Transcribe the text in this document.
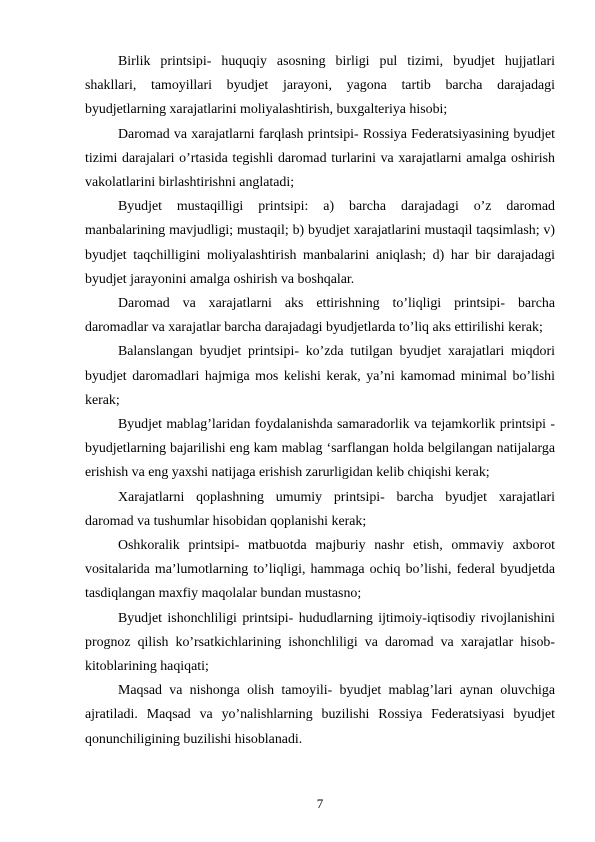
Birlik printsipi- huquqiy asosning birligi pul tizimi, byudjet hujjatlari shakllari, tamoyillari byudjet jarayoni, yagona tartib barcha darajadagi byudjetlarning xarajatlarini moliyalashtirish, buxgalteriya hisobi;

Daromad va xarajatlarni farqlash printsipi- Rossiya Federatsiyasining byudjet tizimi darajalari o’rtasida tegishli daromad turlarini va xarajatlarni amalga oshirish vakolatlarini birlashtirishni anglatadi;

Byudjet mustaqilligi printsipi: a) barcha darajadagi o’z daromad manbalarining mavjudligi; mustaqil; b) byudjet xarajatlarini mustaqil taqsimlash; v) byudjet taqchilligini moliyalashtirish manbalarini aniqlash; d) har bir darajadagi byudjet jarayonini amalga oshirish va boshqalar.

Daromad va xarajatlarni aks ettirishning to’liqligi printsipi- barcha daromadlar va xarajatlar barcha darajadagi byudjetlarda to’liq aks ettirilishi kerak;

Balanslangan byudjet printsipi- ko’zda tutilgan byudjet xarajatlari miqdori byudjet daromadlari hajmiga mos kelishi kerak, ya’ni kamomad minimal bo’lishi kerak;

Byudjet mablag’laridan foydalanishda samaradorlik va tejamkorlik printsipi - byudjetlarning bajarilishi eng kam mablag ‘sarflangan holda belgilangan natijalarga erishish va eng yaxshi natijaga erishish zarurligidan kelib chiqishi kerak;

Xarajatlarni qoplashning umumiy printsipi- barcha byudjet xarajatlari daromad va tushumlar hisobidan qoplanishi kerak;

Oshkoralik printsipi- matbuotda majburiy nashr etish, ommaviy axborot vositalarida ma’lumotlarning to’liqligi, hammaga ochiq bo’lishi, federal byudjetda tasdiqlangan maxfiy maqolalar bundan mustasno;

Byudjet ishonchliligi printsipi- hududlarning ijtimoiy-iqtisodiy rivojlanishini prognoz qilish ko’rsatkichlarining ishonchliligi va daromad va xarajatlar hisob-kitoblarining haqiqati;

Maqsad va nishonga olish tamoyili- byudjet mablag’lari aynan oluvchiga ajratiladi. Maqsad va yo’nalishlarning buzilishi Rossiya Federatsiyasi byudjet qonunchiligining buzilishi hisoblanadi.

7
